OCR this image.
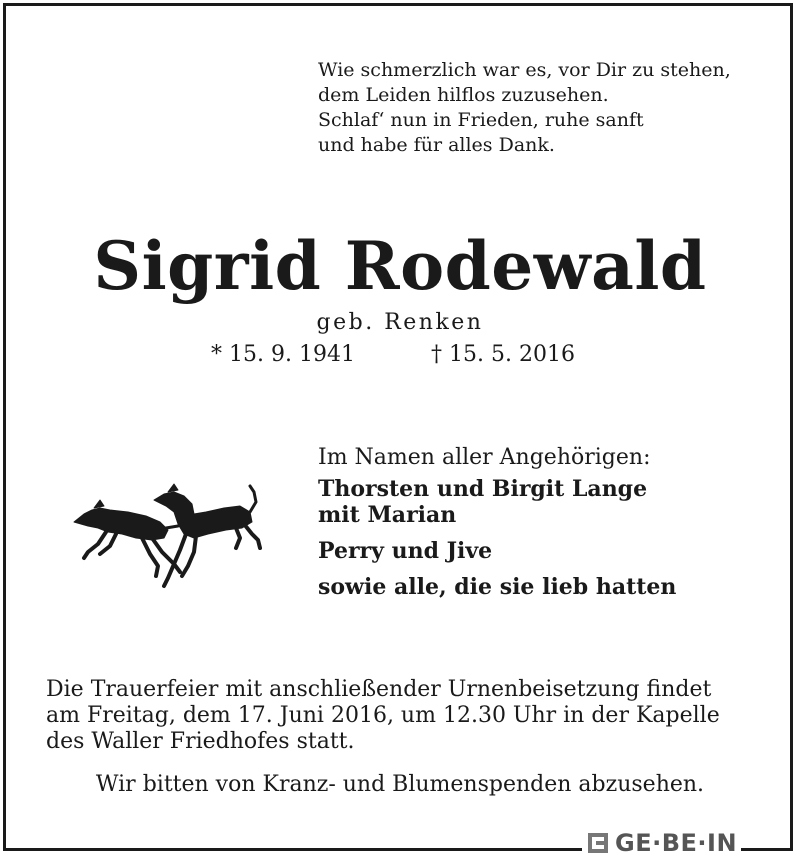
Wie schmerzlich war es, vor Dir zu stehen,
dem Leiden hilflos zuzusehen.
Schlaf‘ nun in Frieden, ruhe sanft
und habe für alles Dank.
Sigrid Rodewald
geb. Renken
* 15. 9. 1941	† 15. 5. 2016
Im Namen aller Angehörigen:
Thorsten und Birgit Lange
mit Marian
Perry und Jive
sowie alle, die sie lieb hatten
Die Trauerfeier mit anschließender Urnenbeisetzung findet
am Freitag, dem 17. Juni 2016, um 12.30 Uhr in der Kapelle
des Waller Friedhofes statt.
Wir bitten von Kranz- und Blumenspenden abzusehen.
GE·BE·IN
